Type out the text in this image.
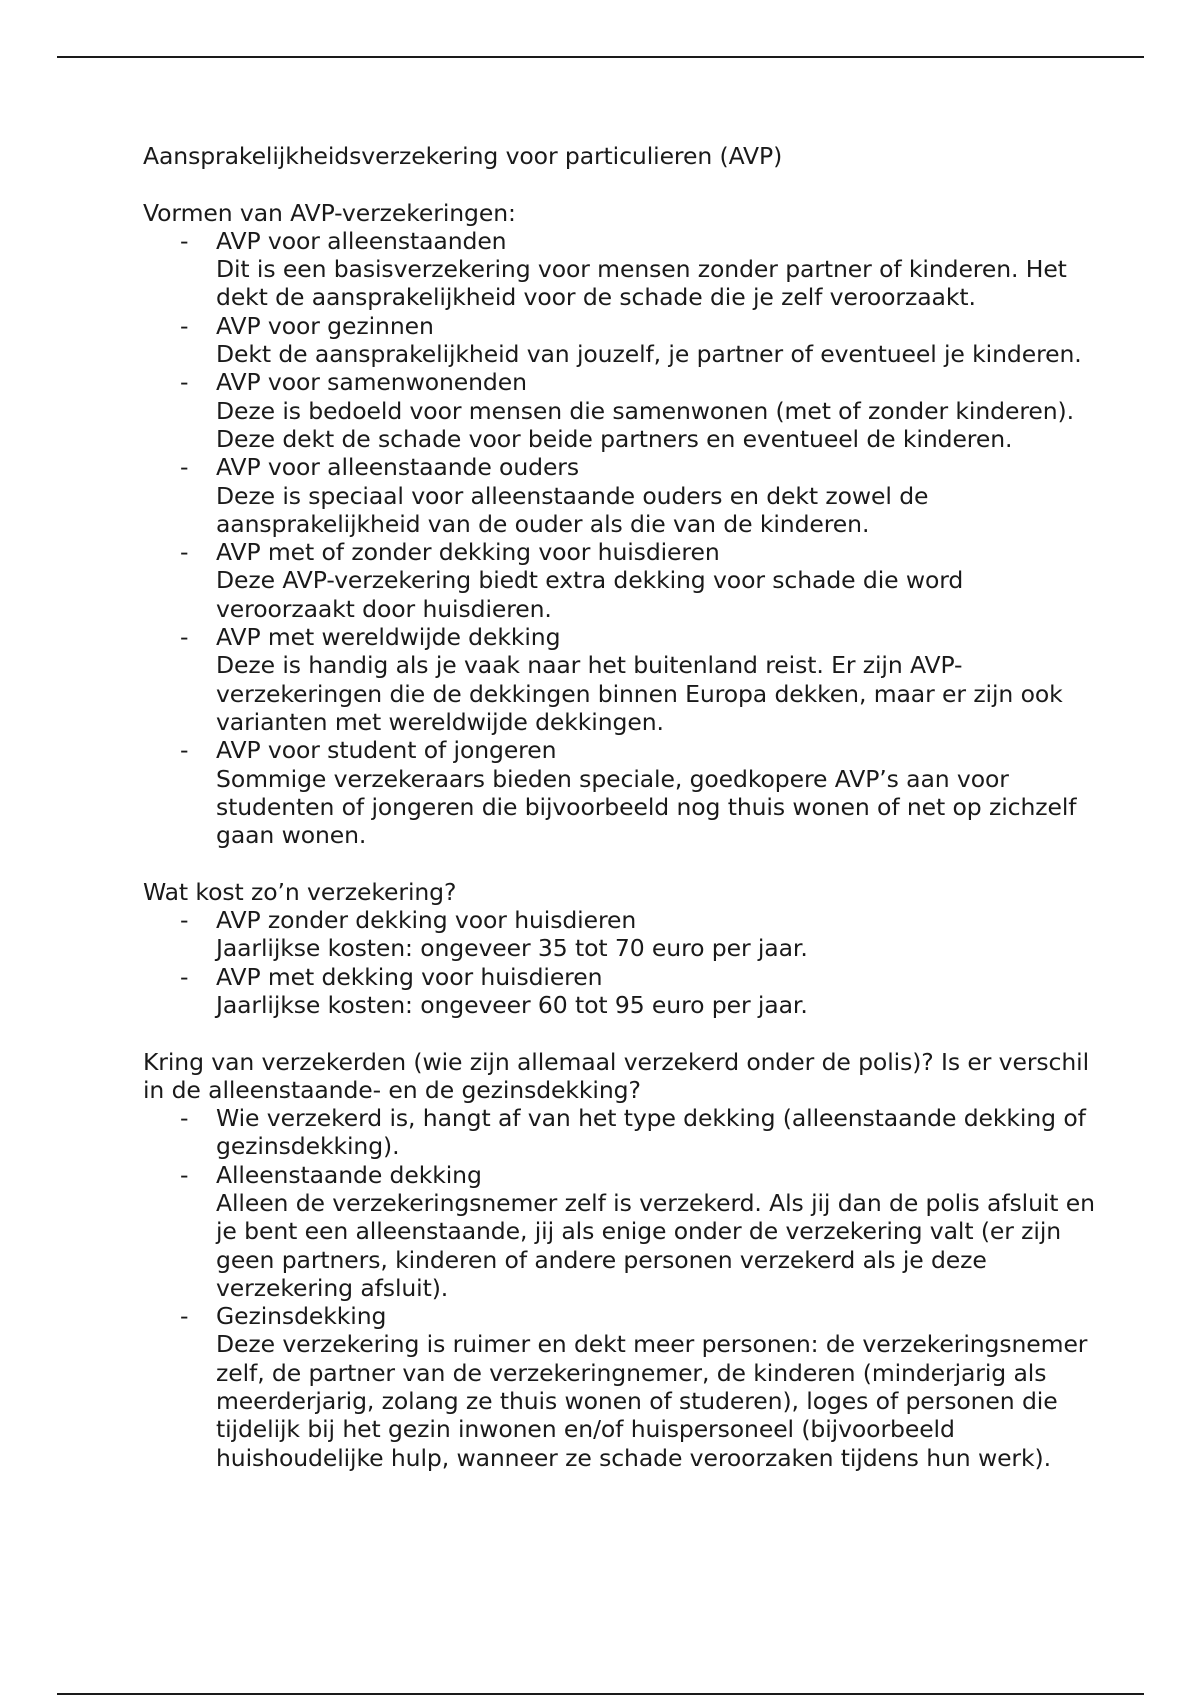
Aansprakelijkheidsverzekering voor particulieren (AVP)

Vormen van AVP-verzekeringen:
- AVP voor alleenstaanden
Dit is een basisverzekering voor mensen zonder partner of kinderen. Het dekt de aansprakelijkheid voor de schade die je zelf veroorzaakt.
- AVP voor gezinnen
Dekt de aansprakelijkheid van jouzelf, je partner of eventueel je kinderen.
- AVP voor samenwonenden
Deze is bedoeld voor mensen die samenwonen (met of zonder kinderen). Deze dekt de schade voor beide partners en eventueel de kinderen.
- AVP voor alleenstaande ouders
Deze is speciaal voor alleenstaande ouders en dekt zowel de aansprakelijkheid van de ouder als die van de kinderen.
- AVP met of zonder dekking voor huisdieren
Deze AVP-verzekering biedt extra dekking voor schade die word veroorzaakt door huisdieren.
- AVP met wereldwijde dekking
Deze is handig als je vaak naar het buitenland reist. Er zijn AVP-verzekeringen die de dekkingen binnen Europa dekken, maar er zijn ook varianten met wereldwijde dekkingen.
- AVP voor student of jongeren
Sommige verzekeraars bieden speciale, goedkopere AVP’s aan voor studenten of jongeren die bijvoorbeeld nog thuis wonen of net op zichzelf gaan wonen.
Wat kost zo’n verzekering?
- AVP zonder dekking voor huisdieren
Jaarlijkse kosten: ongeveer 35 tot 70 euro per jaar.
- AVP met dekking voor huisdieren
Jaarlijkse kosten: ongeveer 60 tot 95 euro per jaar.
Kring van verzekerden (wie zijn allemaal verzekerd onder de polis)? Is er verschil in de alleenstaande- en de gezinsdekking?
- Wie verzekerd is, hangt af van het type dekking (alleenstaande dekking of gezinsdekking).
- Alleenstaande dekking
Alleen de verzekeringsnemer zelf is verzekerd. Als jij dan de polis afsluit en je bent een alleenstaande, jij als enige onder de verzekering valt (er zijn geen partners, kinderen of andere personen verzekerd als je deze verzekering afsluit).
- Gezinsdekking
Deze verzekering is ruimer en dekt meer personen: de verzekeringsnemer zelf, de partner van de verzekeringnemer, de kinderen (minderjarig als meerderjarig, zolang ze thuis wonen of studeren), loges of personen die tijdelijk bij het gezin inwonen en/of huispersoneel (bijvoorbeeld huishoudelijke hulp, wanneer ze schade veroorzaken tijdens hun werk).
